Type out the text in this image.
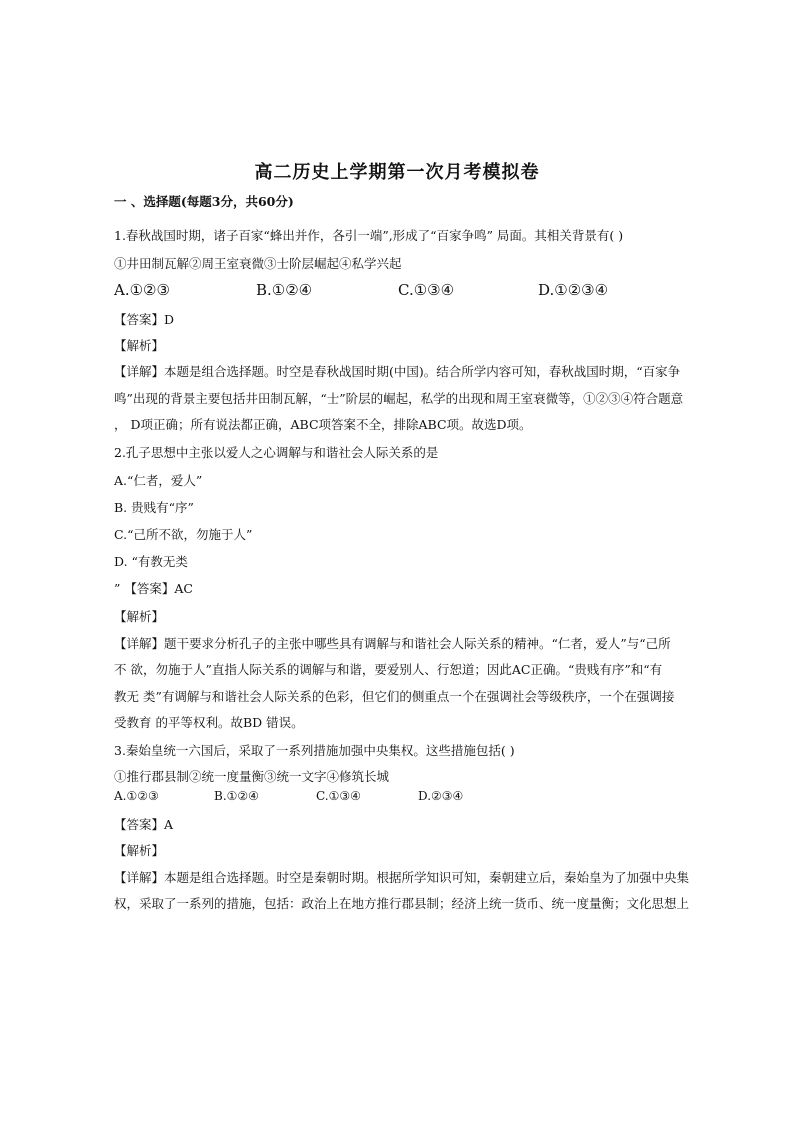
高二历史上学期第一次月考模拟卷
一 、选择题(每题3分，共60分)
1.春秋战国时期，诸子百家“蜂出并作，各引一端”,形成了“百家争鸣” 局面。其相关背景有( )
①井田制瓦解②周王室衰微③士阶层崛起④私学兴起
A.①②③	B.①②④	C.①③④	D.①②③④
【答案】D
【解析】
【详解】本题是组合选择题。时空是春秋战国时期(中国)。结合所学内容可知，春秋战国时期，“百家争
鸣”出现的背景主要包括井田制瓦解，“士”阶层的崛起，私学的出现和周王室衰微等，①②③④符合题意
， D项正确；所有说法都正确，ABC项答案不全，排除ABC项。故选D项。
2.孔子思想中主张以爱人之心调解与和谐社会人际关系的是
A.“仁者，爱人”
B. 贵贱有“序”
C.“己所不欲，勿施于人”
D. “有教无类
” 【答案】AC
【解析】
【详解】题干要求分析孔子的主张中哪些具有调解与和谐社会人际关系的精神。“仁者，爱人”与“己所
不 欲，勿施于人”直指人际关系的调解与和谐，要爱别人、行恕道；因此AC正确。“贵贱有序”和“有
教无 类”有调解与和谐社会人际关系的色彩，但它们的侧重点一个在强调社会等级秩序，一个在强调接
受教育 的平等权利。故BD 错误。
3.秦始皇统一六国后，采取了一系列措施加强中央集权。这些措施包括( )
①推行郡县制②统一度量衡③统一文字④修筑长城
A.①②③	B.①②④	C.①③④	D.②③④
【答案】A
【解析】
【详解】本题是组合选择题。时空是秦朝时期。根据所学知识可知，秦朝建立后，秦始皇为了加强中央集
权，采取了一系列的措施，包括：政治上在地方推行郡县制；经济上统一货币、统一度量衡；文化思想上
